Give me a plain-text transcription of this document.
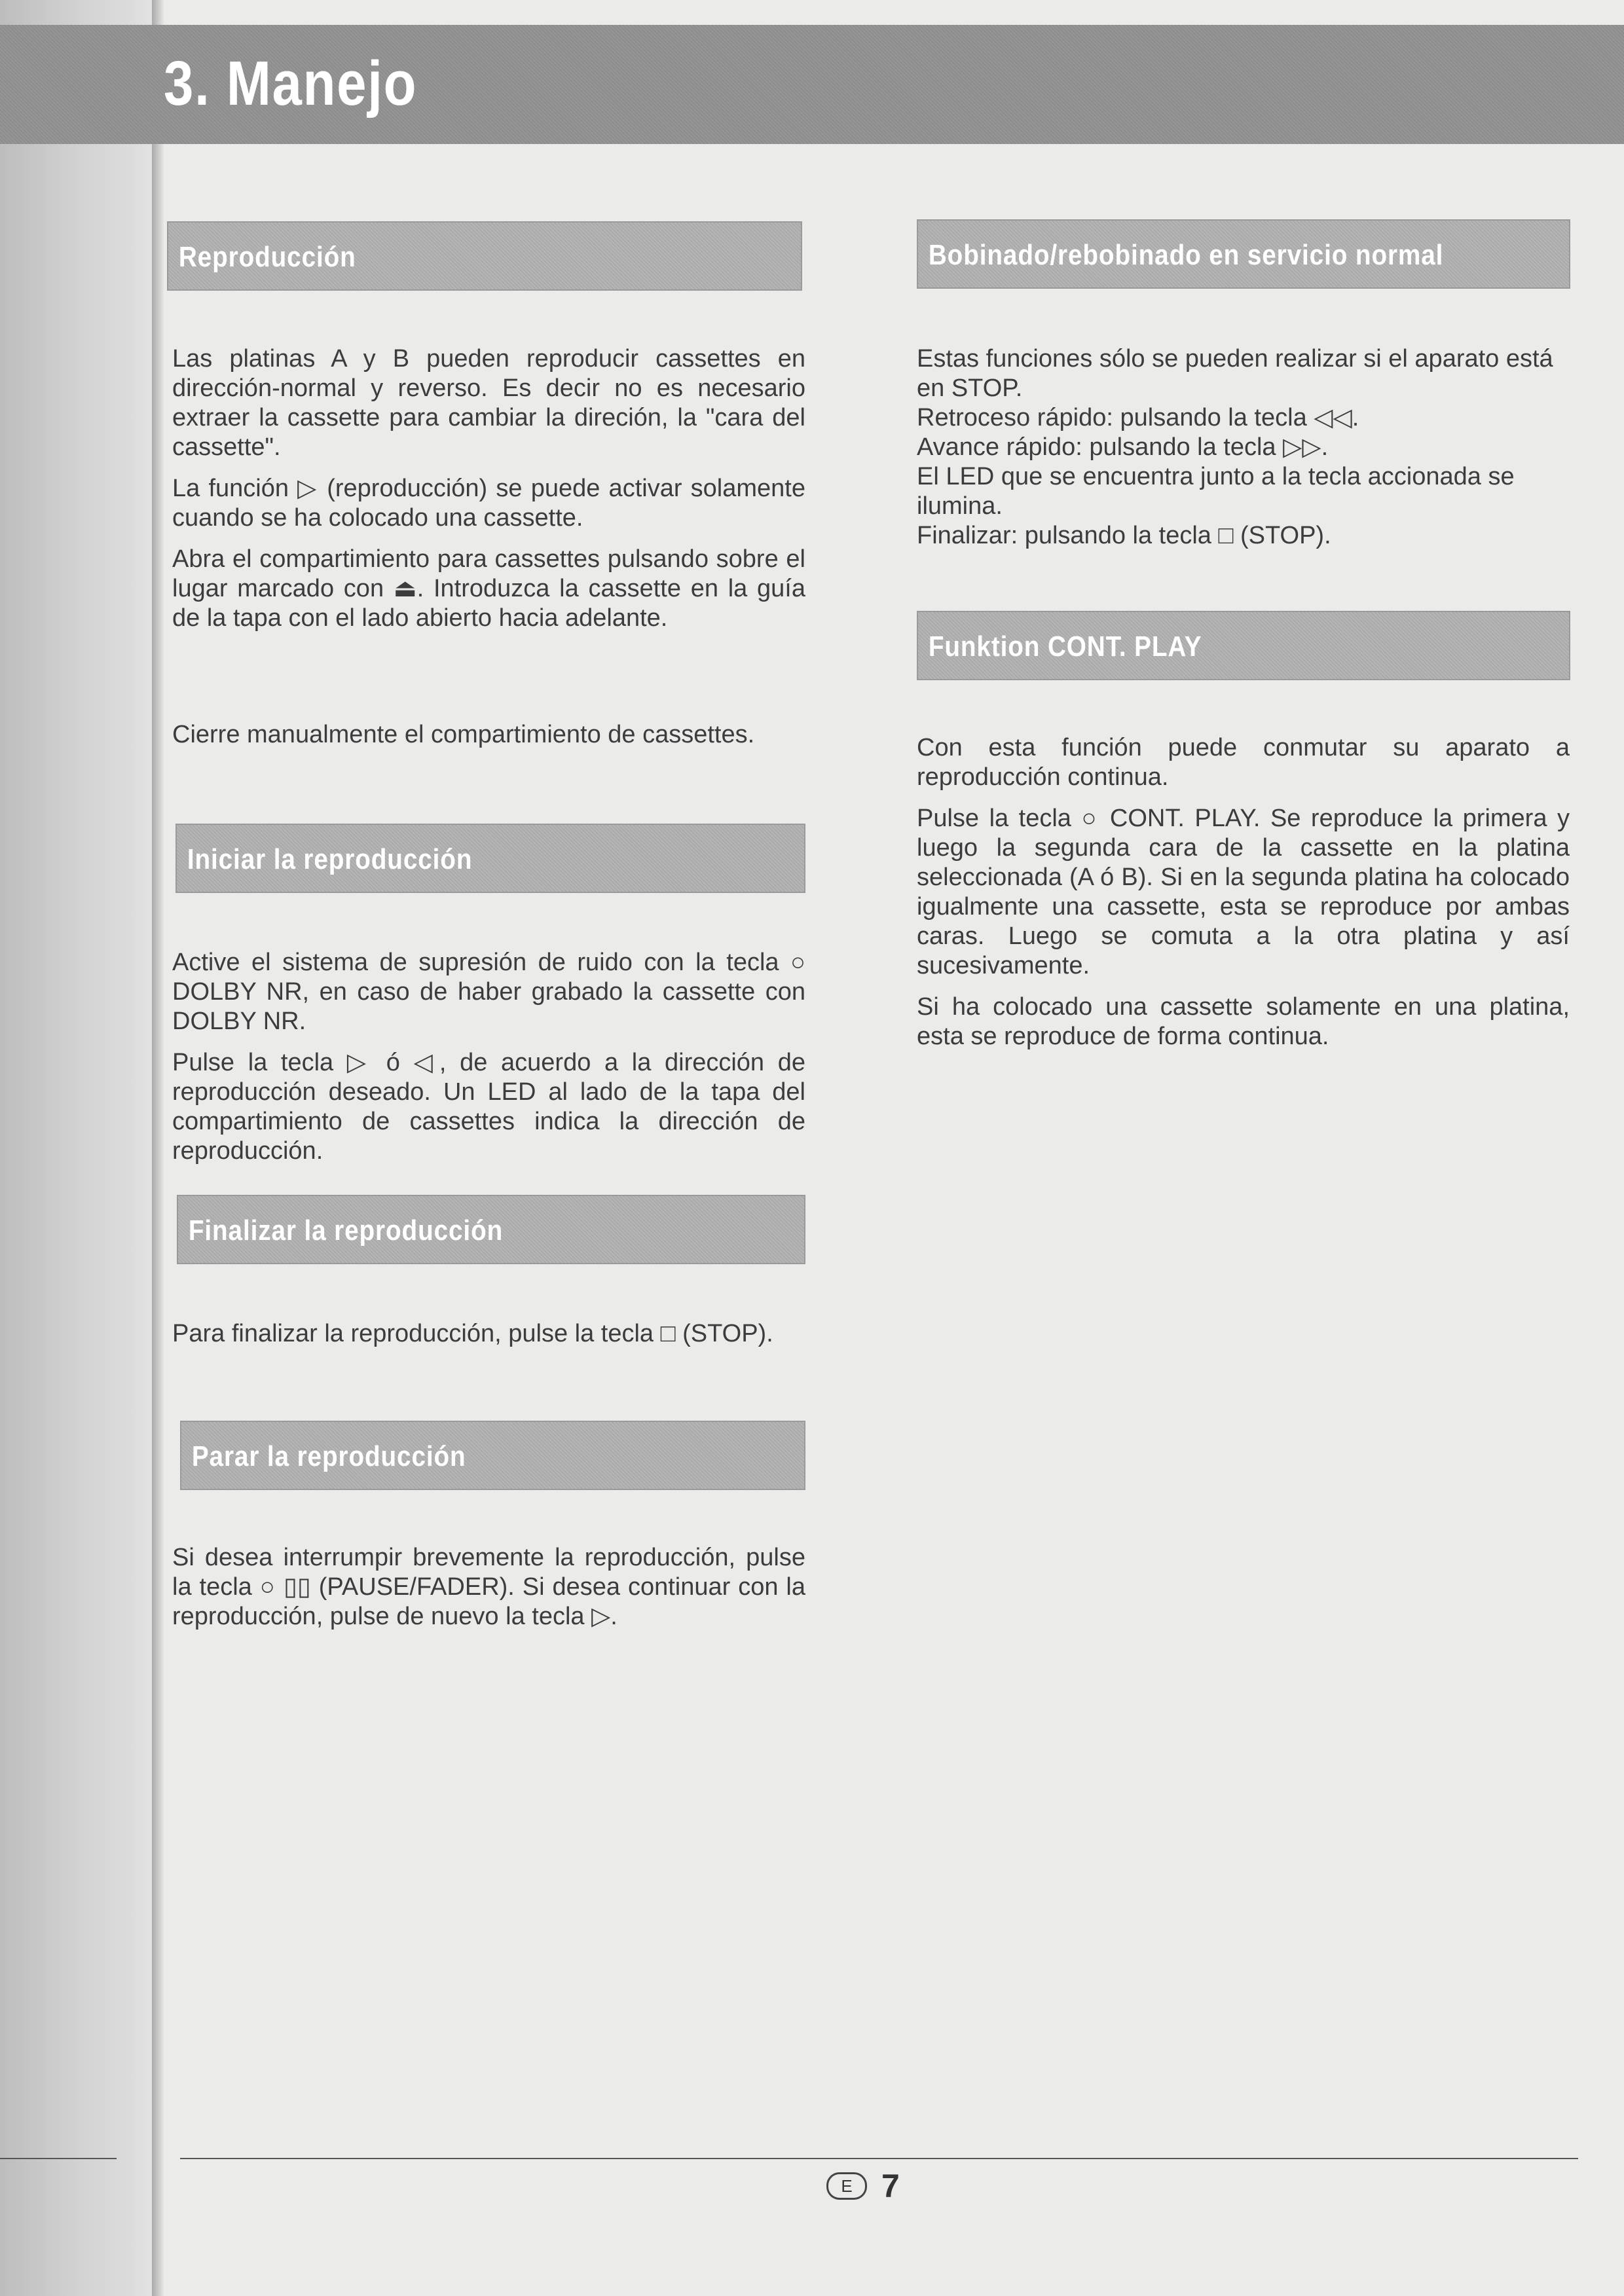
3. Manejo
Reproducción

Las platinas A y B pueden reproducir cassettes en dirección-normal y reverso. Es decir no es necesario extraer la cassette para cambiar la direción, la "cara del cassette".

La función ▷ (reproducción) se puede activar solamente cuando se ha colocado una cassette.

Abra el compartimiento para cassettes pulsando sobre el lugar marcado con ⏏. Introduzca la cassette en la guía de la tapa con el lado abierto hacia adelante.

Cierre manualmente el compartimiento de cassettes.

Iniciar la reproducción

Active el sistema de supresión de ruido con la tecla ○ DOLBY NR, en caso de haber grabado la cassette con DOLBY NR.

Pulse la tecla ▷ ó ◁, de acuerdo a la dirección de reproducción deseado. Un LED al lado de la tapa del compartimiento de cassettes indica la dirección de reproducción.

Finalizar la reproducción

Para finalizar la reproducción, pulse la tecla □ (STOP).

Parar la reproducción

Si desea interrumpir brevemente la reproducción, pulse la tecla ○ ▯▯ (PAUSE/FADER). Si desea continuar con la reproducción, pulse de nuevo la tecla ▷.

Bobinado/rebobinado en servicio normal
Estas funciones sólo se pueden realizar si el aparato está en STOP.
Retroceso rápido: pulsando la tecla ◁◁.
Avance rápido: pulsando la tecla ▷▷.
El LED que se encuentra junto a la tecla accionada se ilumina.
Finalizar: pulsando la tecla □ (STOP).
Funktion CONT. PLAY

Con esta función puede conmutar su aparato a reproducción continua.

Pulse la tecla ○ CONT. PLAY. Se reproduce la primera y luego la segunda cara de la cassette en la platina seleccionada (A ó B). Si en la segunda platina ha colocado igualmente una cassette, esta se reproduce por ambas caras. Luego se comuta a la otra platina y así sucesivamente.

Si ha colocado una cassette solamente en una platina, esta se reproduce de forma continua.

E 7
